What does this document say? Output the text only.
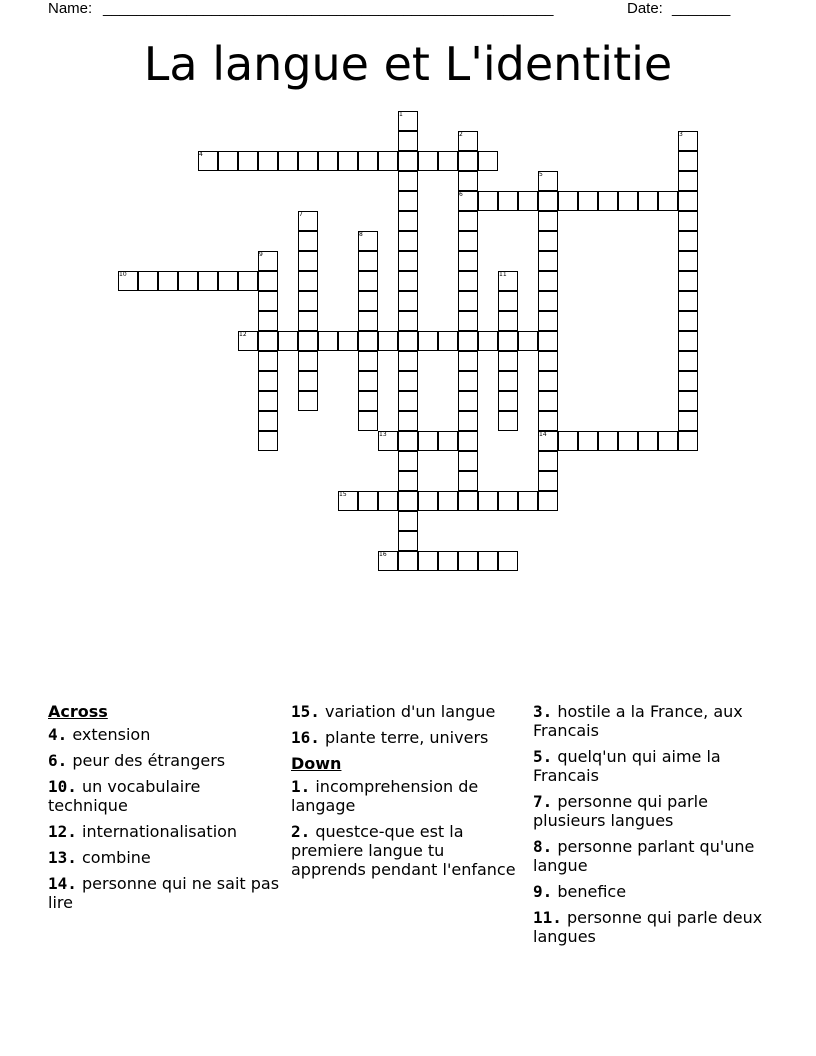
Name: ______________________________________________________	Date: _______
La langue et L'identitie
1
2	3
4
5
6
7
8
9
10	11
12
13	14
15
16
Across
4. extension
6. peur des étrangers
10. un vocabulaire technique
12. internationalisation
13. combine
14. personne qui ne sait pas lire
15. variation d'un langue
16. plante terre, univers
Down
1. incomprehension de langage
2. questce-que est la premiere langue tu apprends pendant l'enfance
3. hostile a la France, aux Francais
5. quelq'un qui aime la Francais
7. personne qui parle plusieurs langues
8. personne parlant qu'une langue
9. benefice
11. personne qui parle deux langues
